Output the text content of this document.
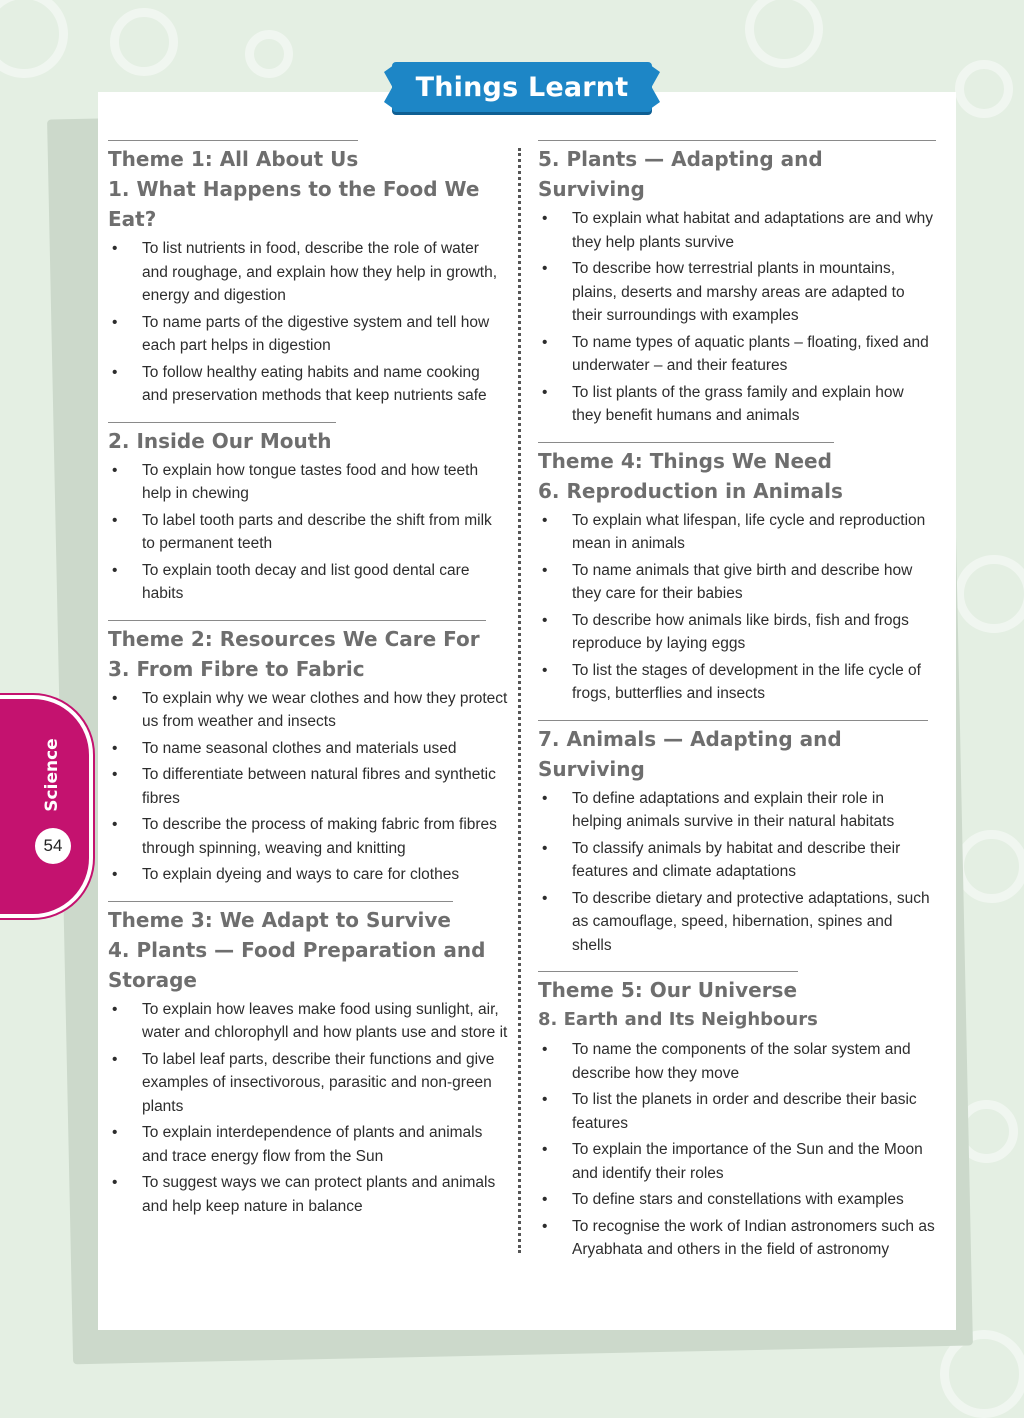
Things Learnt
Theme 1: All About Us
1. What Happens to the Food We Eat?
• To list nutrients in food, describe the role of water and roughage, and explain how they help in growth, energy and digestion
• To name parts of the digestive system and tell how each part helps in digestion
• To follow healthy eating habits and name cooking and preservation methods that keep nutrients safe
2. Inside Our Mouth
• To explain how tongue tastes food and how teeth help in chewing
• To label tooth parts and describe the shift from milk to permanent teeth
• To explain tooth decay and list good dental care habits
Theme 2: Resources We Care For
3. From Fibre to Fabric
• To explain why we wear clothes and how they protect us from weather and insects
• To name seasonal clothes and materials used
• To differentiate between natural fibres and synthetic fibres
• To describe the process of making fabric from fibres through spinning, weaving and knitting
• To explain dyeing and ways to care for clothes
Theme 3: We Adapt to Survive
4. Plants — Food Preparation and Storage
• To explain how leaves make food using sunlight, air, water and chlorophyll and how plants use and store it
• To label leaf parts, describe their functions and give examples of insectivorous, parasitic and non-green plants
• To explain interdependence of plants and animals and trace energy flow from the Sun
• To suggest ways we can protect plants and animals and help keep nature in balance
5. Plants — Adapting and Surviving
• To explain what habitat and adaptations are and why they help plants survive
• To describe how terrestrial plants in mountains, plains, deserts and marshy areas are adapted to their surroundings with examples
• To name types of aquatic plants – floating, fixed and underwater – and their features
• To list plants of the grass family and explain how they benefit humans and animals
Theme 4: Things We Need
6. Reproduction in Animals
• To explain what lifespan, life cycle and reproduction mean in animals
• To name animals that give birth and describe how they care for their babies
• To describe how animals like birds, fish and frogs reproduce by laying eggs
• To list the stages of development in the life cycle of frogs, butterflies and insects
7. Animals — Adapting and Surviving
• To define adaptations and explain their role in helping animals survive in their natural habitats
• To classify animals by habitat and describe their features and climate adaptations
• To describe dietary and protective adaptations, such as camouflage, speed, hibernation, spines and shells
Theme 5: Our Universe
8. Earth and Its Neighbours
• To name the components of the solar system and describe how they move
• To list the planets in order and describe their basic features
• To explain the importance of the Sun and the Moon and identify their roles
• To define stars and constellations with examples
• To recognise the work of Indian astronomers such as Aryabhata and others in the field of astronomy
Science
54
